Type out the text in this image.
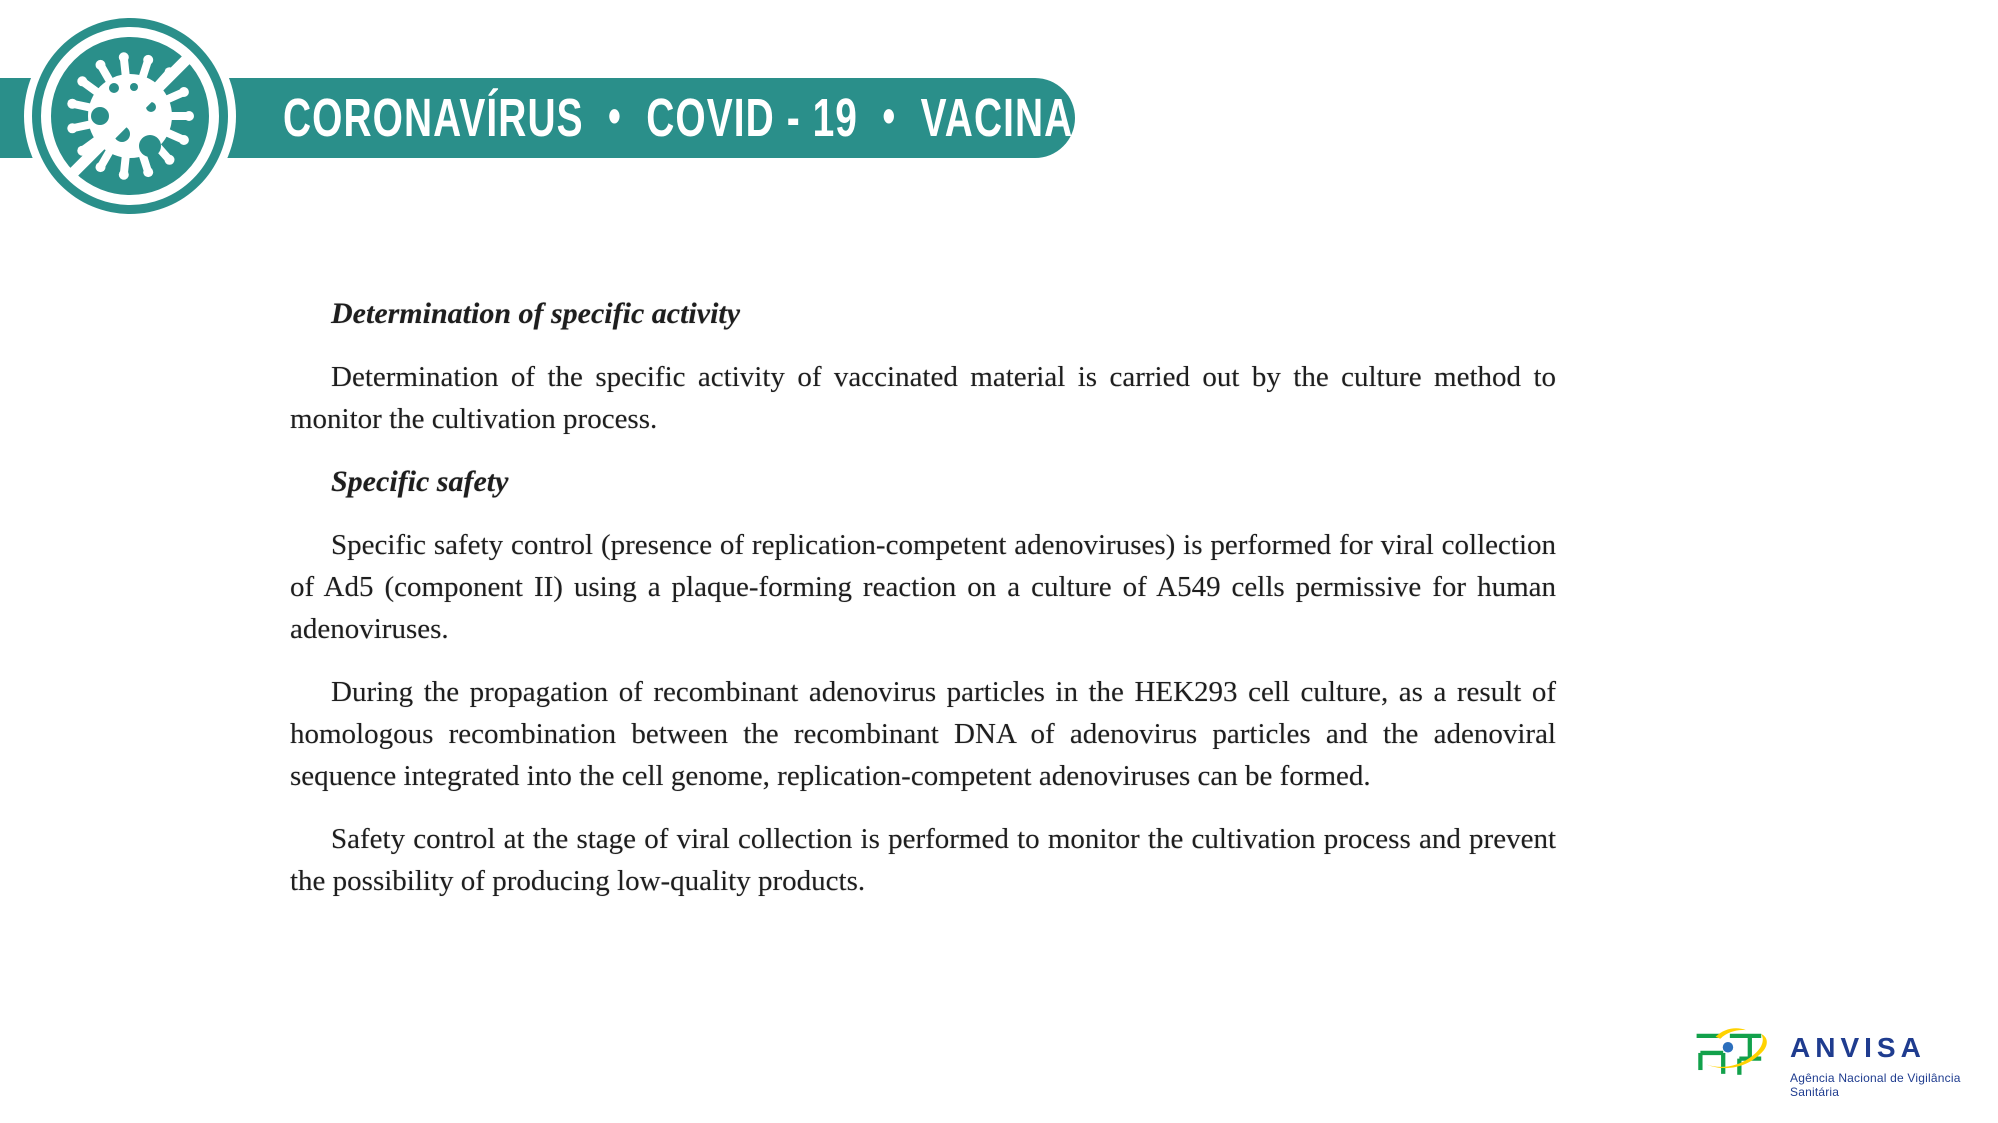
CORONAVÍRUS • COVID - 19 • VACINA
Determination of specific activity

Determination of the specific activity of vaccinated material is carried out by the culture method to monitor the cultivation process.

Specific safety

Specific safety control (presence of replication-competent adenoviruses) is performed for viral collection of Ad5 (component II) using a plaque-forming reaction on a culture of A549 cells permissive for human adenoviruses.

During the propagation of recombinant adenovirus particles in the HEK293 cell culture, as a result of homologous recombination between the recombinant DNA of adenovirus particles and the adenoviral sequence integrated into the cell genome, replication-competent adenoviruses can be formed.

Safety control at the stage of viral collection is performed to monitor the cultivation process and prevent the possibility of producing low-quality products.

ANVISA
Agência Nacional de Vigilância Sanitária
